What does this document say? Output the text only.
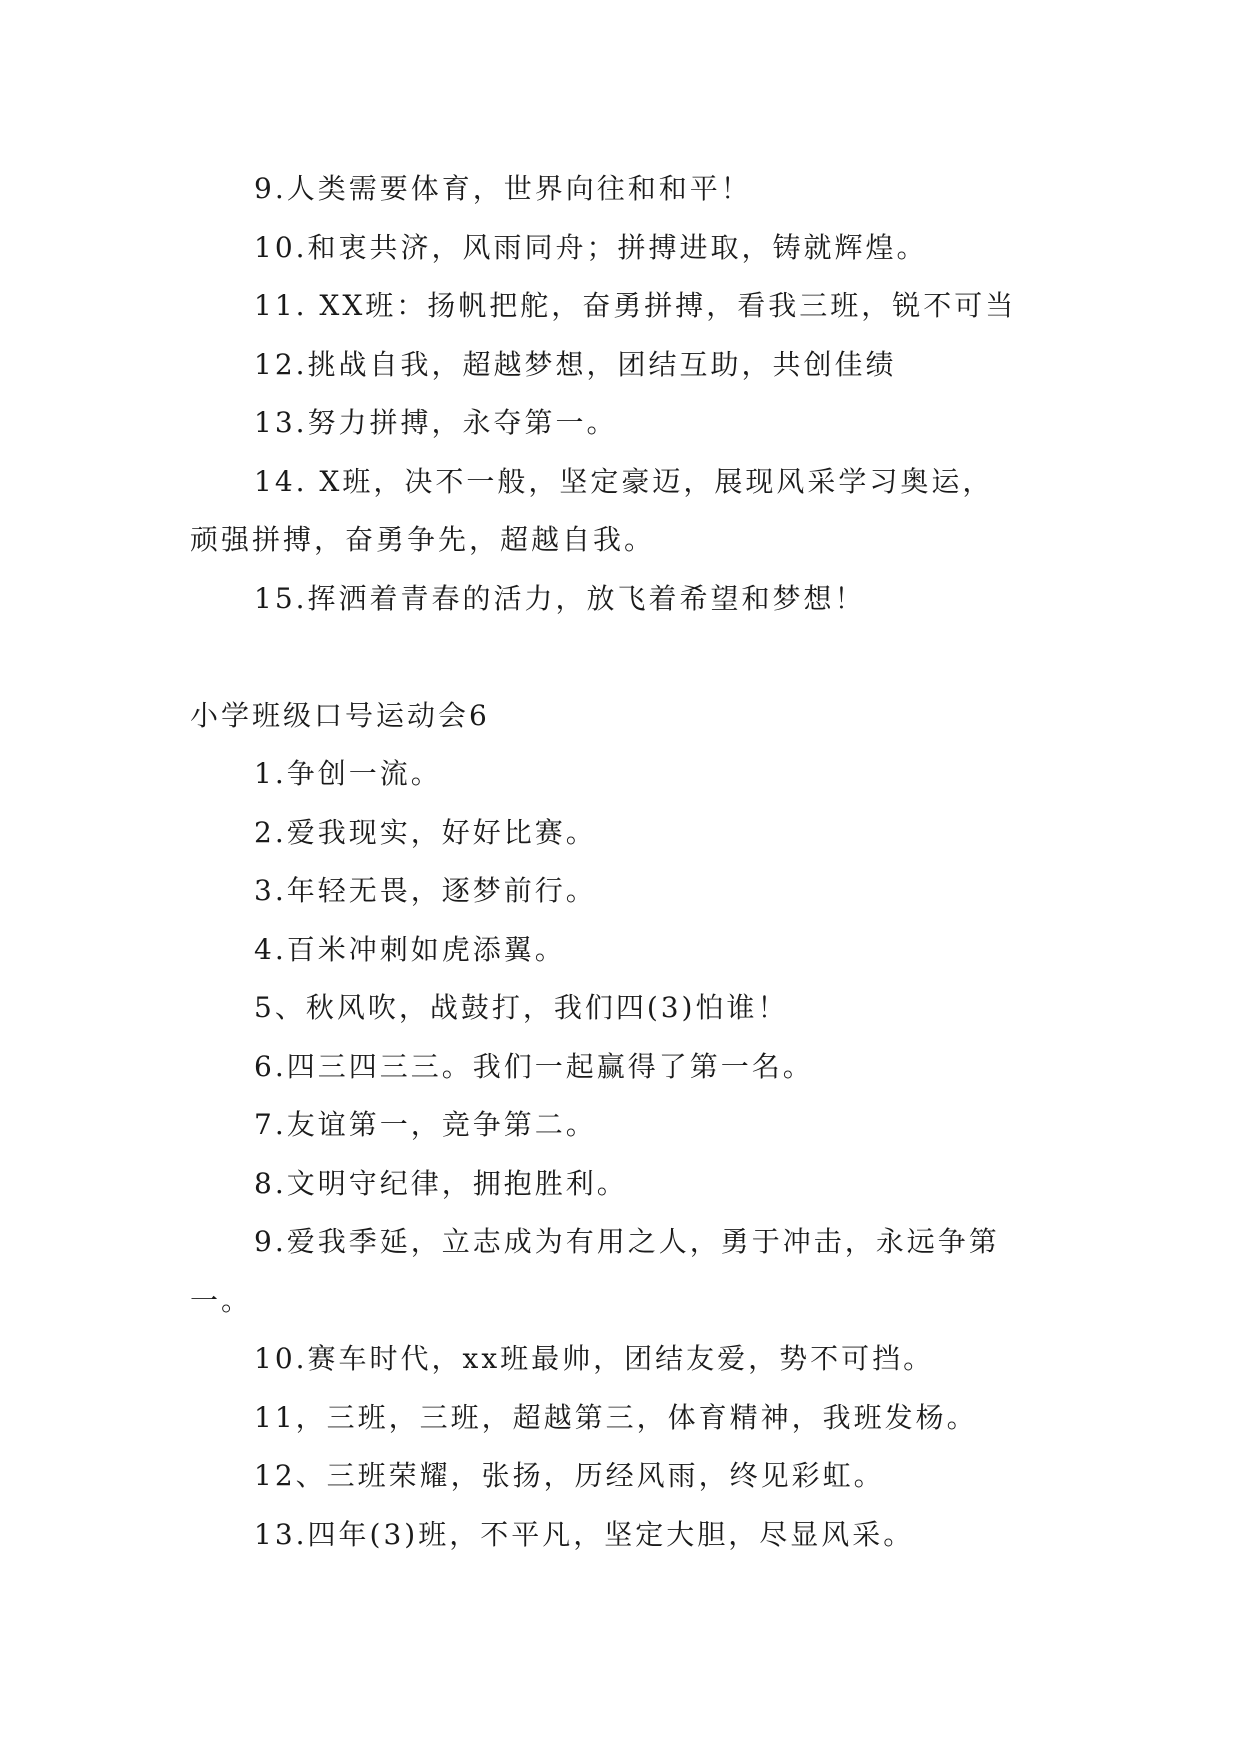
9.人类需要体育，世界向往和和平！
10.和衷共济，风雨同舟；拼搏进取，铸就辉煌。
11. XX班：扬帆把舵，奋勇拼搏，看我三班，锐不可当
12.挑战自我，超越梦想，团结互助，共创佳绩
13.努力拼搏，永夺第一。
14. X班，决不一般，坚定豪迈，展现风采学习奥运，
顽强拼搏，奋勇争先，超越自我。
15.挥洒着青春的活力，放飞着希望和梦想！
小学班级口号运动会6
1.争创一流。
2.爱我现实，好好比赛。
3.年轻无畏，逐梦前行。
4.百米冲刺如虎添翼。
5、秋风吹，战鼓打，我们四(3)怕谁！
6.四三四三三。我们一起赢得了第一名。
7.友谊第一，竞争第二。
8.文明守纪律，拥抱胜利。
9.爱我季延，立志成为有用之人，勇于冲击，永远争第
一。
10.赛车时代，xx班最帅，团结友爱，势不可挡。
11，三班，三班，超越第三，体育精神，我班发杨。
12、三班荣耀，张扬，历经风雨，终见彩虹。
13.四年(3)班，不平凡，坚定大胆，尽显风采。
